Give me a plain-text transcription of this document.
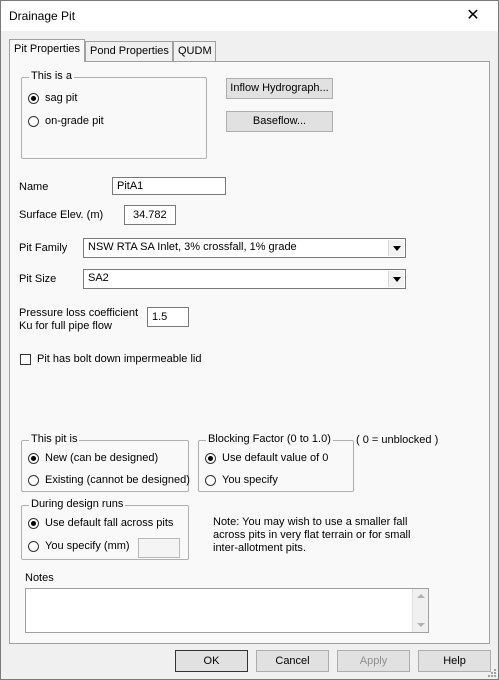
Drainage Pit	✕
Pit Properties Pond Properties QUDM
This is a
sag pit
on-grade pit
Inflow Hydrograph...
Baseflow...
Name	PitA1
Surface Elev. (m)	34.782
Pit Family	NSW RTA SA Inlet, 3% crossfall, 1% grade
Pit Size	SA2
Pressure loss coefficient
Ku for full pipe flow
1.5
Pit has bolt down impermeable lid
This pit is
New (can be designed)
Existing (cannot be designed)
Blocking Factor (0 to 1.0)
Use default value of 0
You specify
( 0 = unblocked )
During design runs
Use default fall across pits
You specify (mm)
Note: You may wish to use a smaller fall
across pits in very flat terrain or for small
inter-allotment pits.
Notes
OK	Cancel	Apply	Help
